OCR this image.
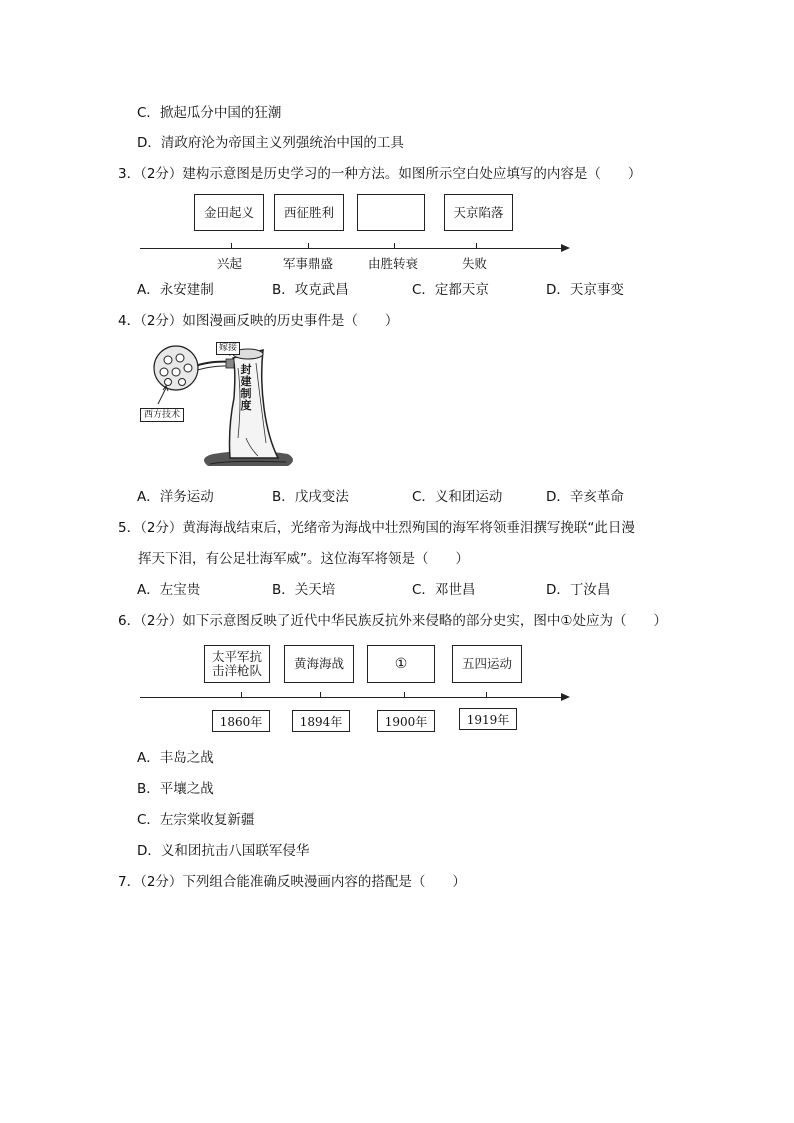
C．掀起瓜分中国的狂潮
D．清政府沦为帝国主义列强统治中国的工具
3．（2分）建构示意图是历史学习的一种方法。如图所示空白处应填写的内容是（　　）
金田起义	西征胜利	天京陷落
兴起	军事鼎盛	由胜转衰	失败
A．永安建制	B．攻克武昌	C．定都天京	D．天京事变
4．（2分）如图漫画反映的历史事件是（　　）
嫁接
封建制度
西方技术
A．洋务运动	B．戊戌变法	C．义和团运动	D．辛亥革命
5．（2分）黄海海战结束后，光绪帝为海战中壮烈殉国的海军将领垂泪撰写挽联“此日漫
挥天下泪，有公足壮海军威”。这位海军将领是（　　）
A．左宝贵	B．关天培	C．邓世昌	D．丁汝昌
6．（2分）如下示意图反映了近代中华民族反抗外来侵略的部分史实，图中①处应为（　　）
太平军抗击洋枪队	黄海海战	①	五四运动
1860年	1894年	1900年	1919年
A．丰岛之战
B．平壤之战
C．左宗棠收复新疆
D．义和团抗击八国联军侵华
7．（2分）下列组合能准确反映漫画内容的搭配是（　　）
